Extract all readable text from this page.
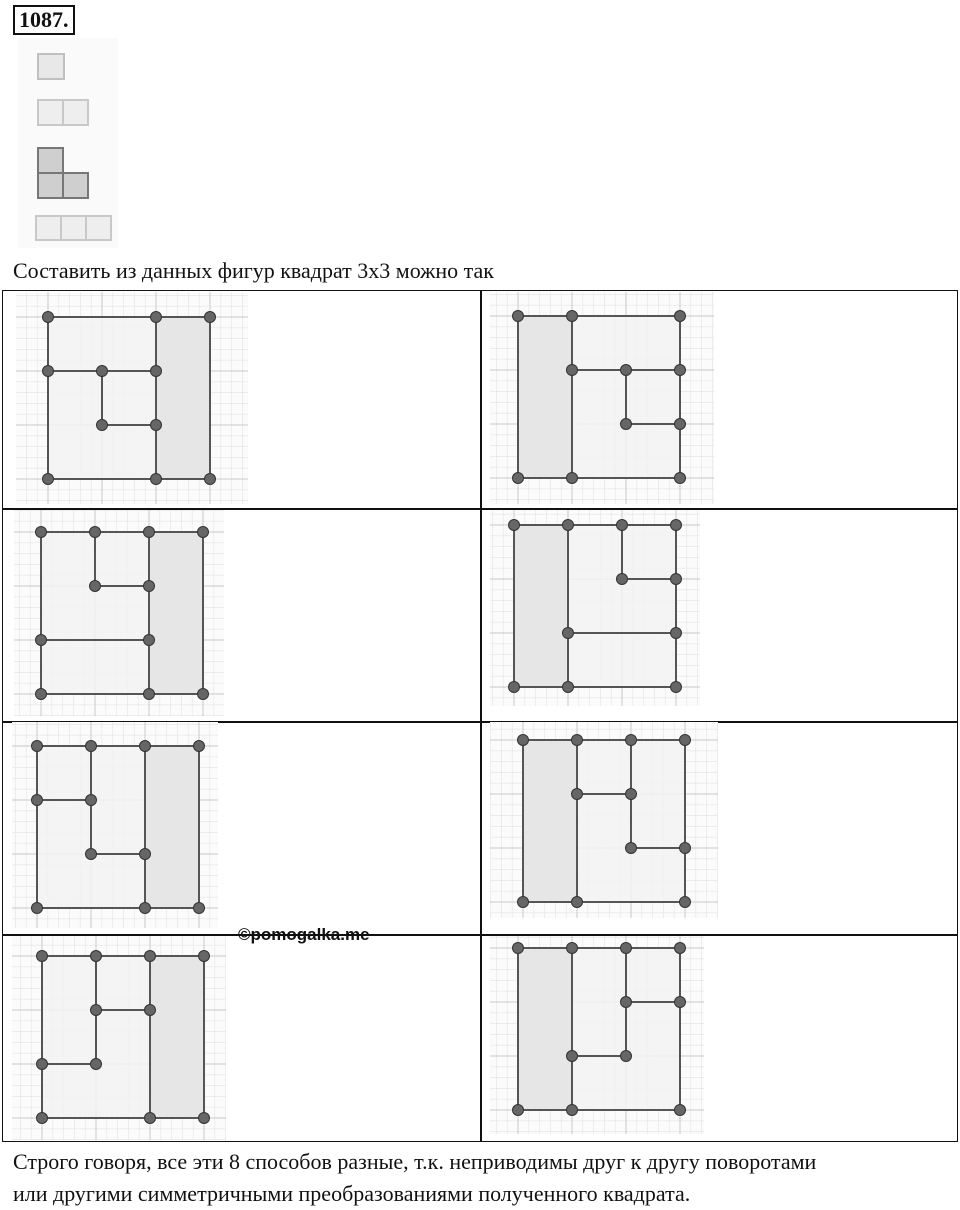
1087.
Составить из данных фигур квадрат 3x3 можно так
©pomogalka.me
Строго говоря, все эти 8 способов разные, т.к. неприводимы друг к другу поворотами
или другими симметричными преобразованиями полученного квадрата.
